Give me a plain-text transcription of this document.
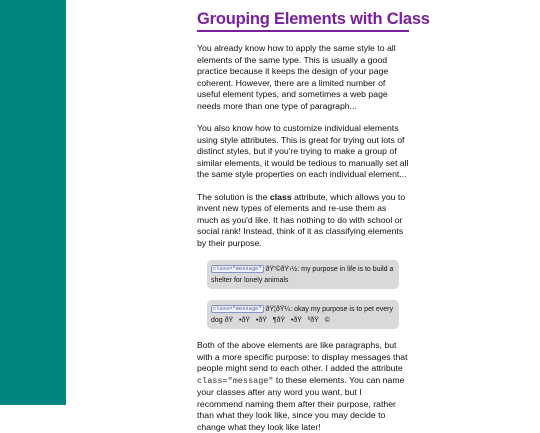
Grouping Elements with Class

You already know how to apply the same style to all elements of the same type. This is usually a good practice because it keeps the design of your page coherent. However, there are a limited number of useful element types, and sometimes a web page needs more than one type of paragraph...

You also know how to customize individual elements using style attributes. This is great for trying out lots of distinct styles, but if you're trying to make a group of similar elements, it would be tedious to manually set all the same style properties on each individual element...

The solution is the class attribute, which allows you to invent new types of elements and re-use them as much as you'd like. It has nothing to do with school or social rank! Instead, think of it as classifying elements by their purpose.

class="message" ðŸ'©ðŸ›½: my purpose in life is to build a shelter for lonely animals
class="message" ðŸ¦ðŸ¼: okay my purpose is to pet every dog ðŸ   •ðŸ   •ðŸ   ¶ðŸ   •ðŸ   ºðŸ   ©

Both of the above elements are like paragraphs, but with a more specific purpose: to display messages that people might send to each other. I added the attribute class="message" to these elements. You can name your classes after any word you want, but I recommend naming them after their purpose, rather than what they look like, since you may decide to change what they look like later!
